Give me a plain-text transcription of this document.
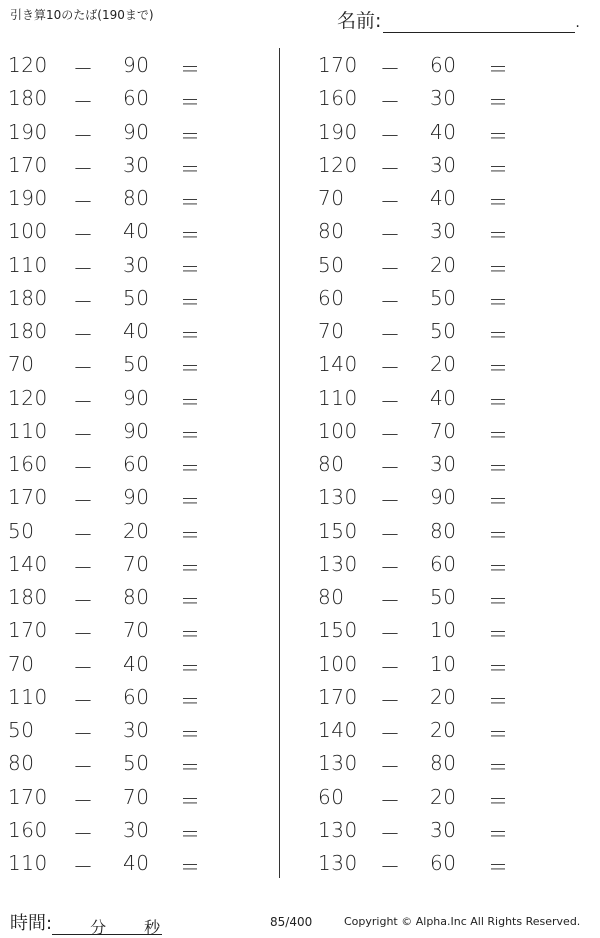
引き算10のたば(190まで)	名前:	.
120	－ 90	＝
180	－ 60	＝
190	－ 90	＝
170	－ 30	＝
190	－ 80	＝
100	－ 40	＝
110	－ 30	＝
180	－ 50	＝
180	－ 40	＝
70	－ 50	＝
120	－ 90	＝
110	－ 90	＝
160	－ 60	＝
170	－ 90	＝
50	－ 20	＝
140	－ 70	＝
180	－ 80	＝
170	－ 70	＝
70	－ 40	＝
110	－ 60	＝
50	－ 30	＝
80	－ 50	＝
170	－ 70	＝
160	－ 30	＝
110	－ 40	＝
170	－ 60	＝
160	－ 30	＝
190	－ 40	＝
120	－ 30	＝
70	－ 40	＝
80	－ 30	＝
50	－ 20	＝
60	－ 50	＝
70	－ 50	＝
140	－ 20	＝
110	－ 40	＝
100	－ 70	＝
80	－ 30	＝
130	－ 90	＝
150	－ 80	＝
130	－ 60	＝
80	－ 50	＝
150	－ 10	＝
100	－ 10	＝
170	－ 20	＝
140	－ 20	＝
130	－ 80	＝
60	－ 20	＝
130	－ 30	＝
130	－ 60	＝
時間: 分 秒	85/400	Copyright © Alpha.Inc All Rights Reserved.
